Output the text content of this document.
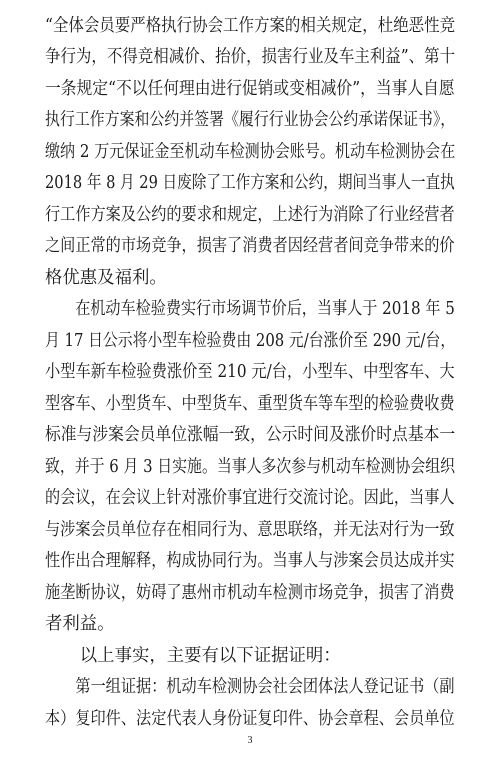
“全体会员要严格执行协会工作方案的相关规定，杜绝恶性竞
争行为，不得竞相减价、抬价，损害行业及车主利益”、第十
一条规定“不以任何理由进行促销或变相减价”，当事人自愿
执行工作方案和公约并签署《履行行业协会公约承诺保证书》，
缴纳 2 万元保证金至机动车检测协会账号。机动车检测协会在
2018 年 8 月 29 日废除了工作方案和公约，期间当事人一直执
行工作方案及公约的要求和规定，上述行为消除了行业经营者
之间正常的市场竞争，损害了消费者因经营者间竞争带来的价
格优惠及福利。
　　在机动车检验费实行市场调节价后，当事人于 2018 年 5
月 17 日公示将小型车检验费由 208 元/台涨价至 290 元/台，
小型车新车检验费涨价至 210 元/台，小型车、中型客车、大
型客车、小型货车、中型货车、重型货车等车型的检验费收费
标准与涉案会员单位涨幅一致，公示时间及涨价时点基本一
致，并于 6 月 3 日实施。当事人多次参与机动车检测协会组织
的会议，在会议上针对涨价事宜进行交流讨论。因此，当事人
与涉案会员单位存在相同行为、意思联络，并无法对行为一致
性作出合理解释，构成协同行为。当事人与涉案会员达成并实
施垄断协议，妨碍了惠州市机动车检测市场竞争，损害了消费
者利益。
　　以上事实，主要有以下证据证明：
　　第一组证据：机动车检测协会社会团体法人登记证书（副
本）复印件、法定代表人身份证复印件、协会章程、会员单位
3
